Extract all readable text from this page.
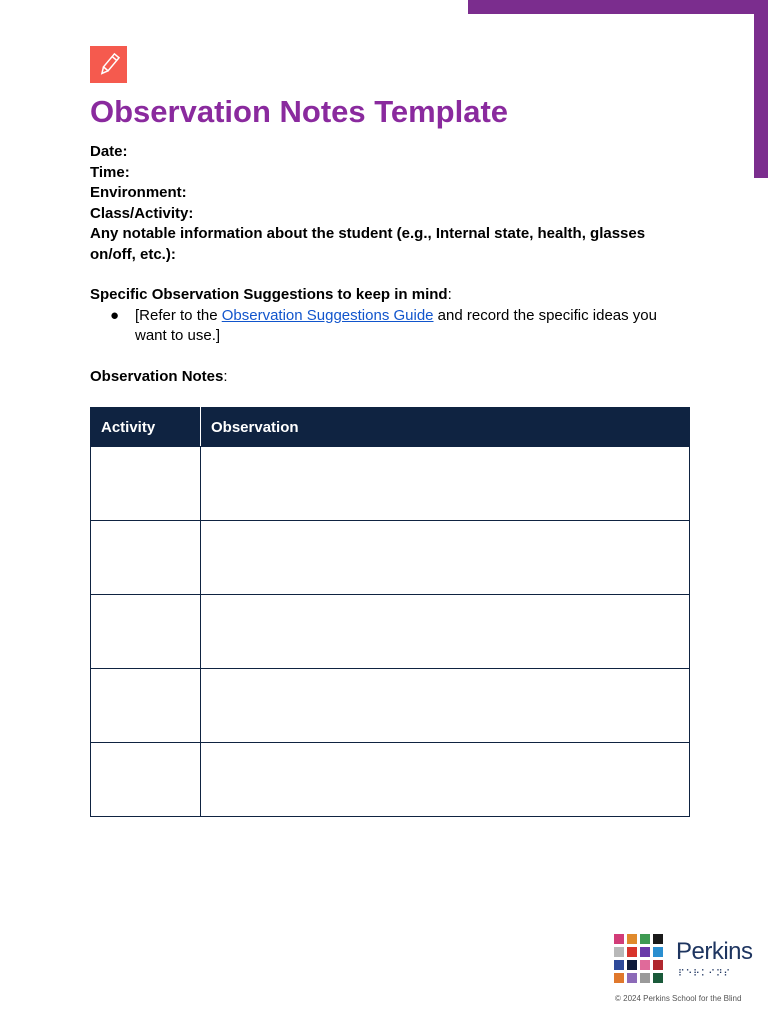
Observation Notes Template
Date:
Time:
Environment:
Class/Activity:
Any notable information about the student (e.g., Internal state, health, glasses on/off, etc.):
Specific Observation Suggestions to keep in mind:
● [Refer to the Observation Suggestions Guide and record the specific ideas you want to use.]
Observation Notes:
Activity	Observation

Perkins
⠏⠑⠗⠅⠊⠝⠎
© 2024 Perkins School for the Blind
